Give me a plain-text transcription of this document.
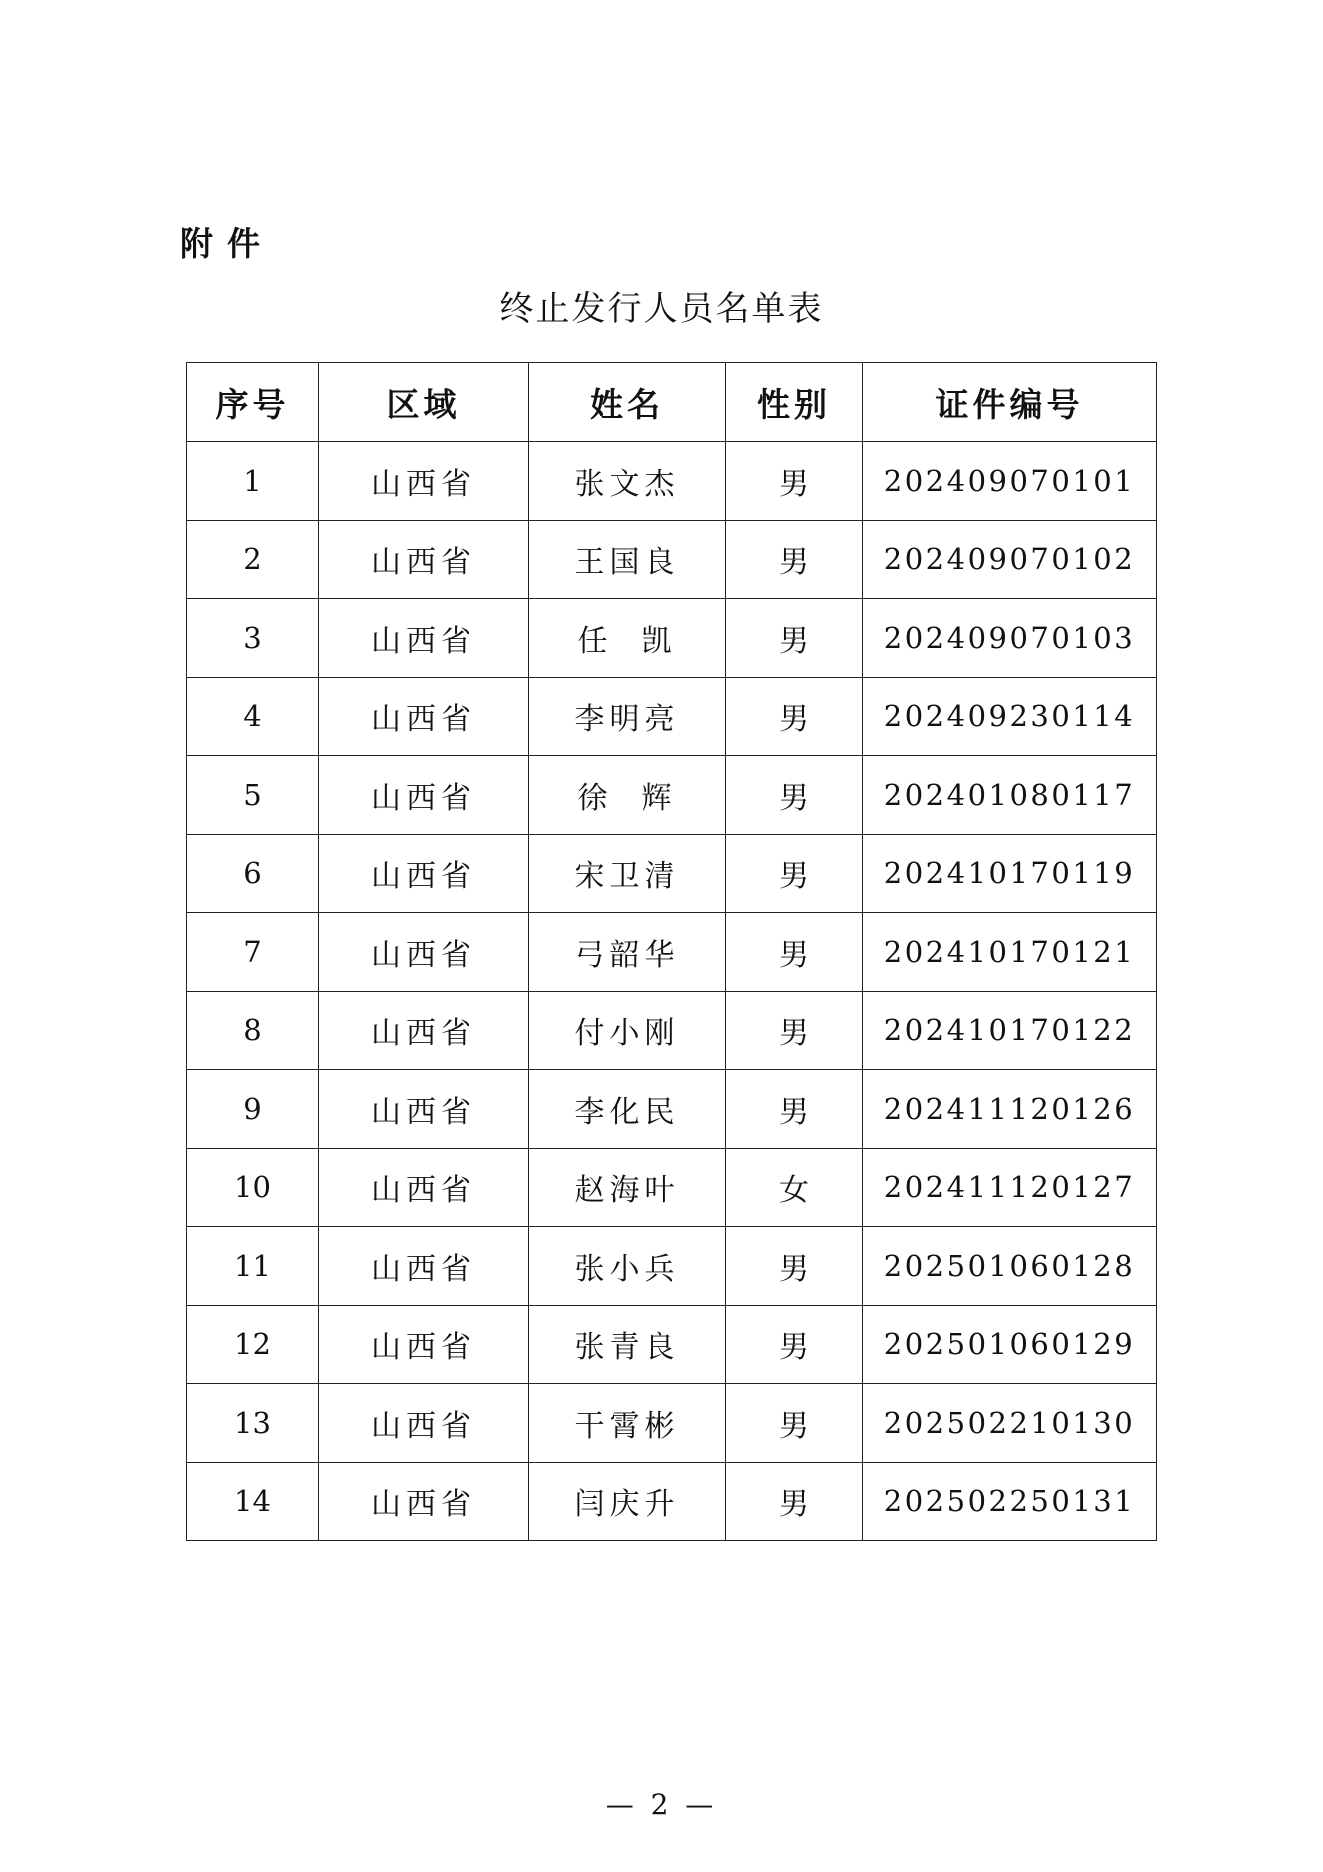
附件
终止发行人员名单表
序号	区域	姓名	性别	证件编号
1	山西省	张文杰	男	202409070101
2	山西省	王国良	男	202409070102
3	山西省	任  凯	男	202409070103
4	山西省	李明亮	男	202409230114
5	山西省	徐  辉	男	202401080117
6	山西省	宋卫清	男	202410170119
7	山西省	弓韶华	男	202410170121
8	山西省	付小刚	男	202410170122
9	山西省	李化民	男	202411120126
10	山西省	赵海叶	女	202411120127
11	山西省	张小兵	男	202501060128
12	山西省	张青良	男	202501060129
13	山西省	干霄彬	男	202502210130
14	山西省	闫庆升	男	202502250131
— 2 —
